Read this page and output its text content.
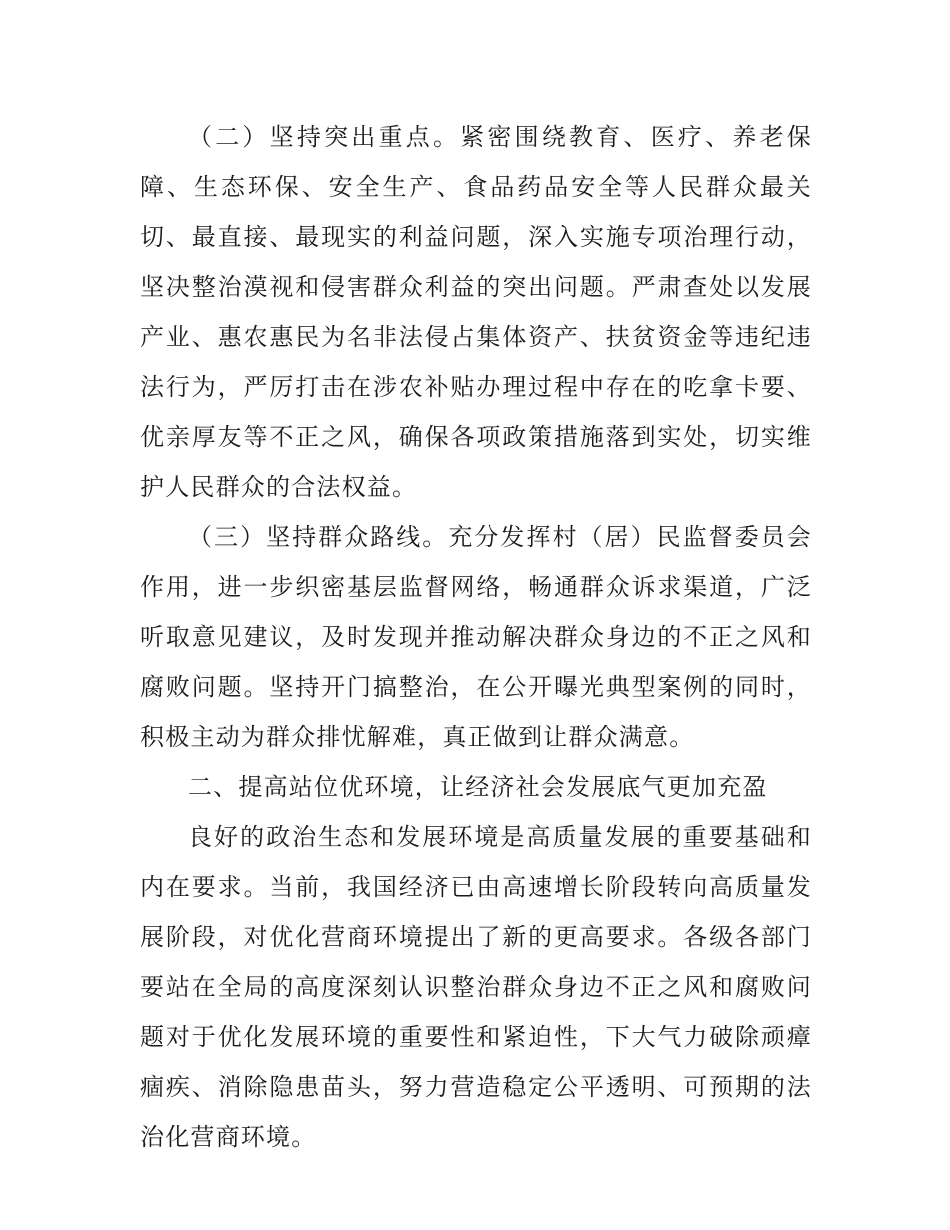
（二）坚持突出重点。紧密围绕教育、医疗、养老保障、生态环保、安全生产、食品药品安全等人民群众最关切、最直接、最现实的利益问题，深入实施专项治理行动，坚决整治漠视和侵害群众利益的突出问题。严肃查处以发展产业、惠农惠民为名非法侵占集体资产、扶贫资金等违纪违法行为，严厉打击在涉农补贴办理过程中存在的吃拿卡要、优亲厚友等不正之风，确保各项政策措施落到实处，切实维护人民群众的合法权益。

（三）坚持群众路线。充分发挥村（居）民监督委员会作用，进一步织密基层监督网络，畅通群众诉求渠道，广泛听取意见建议，及时发现并推动解决群众身边的不正之风和腐败问题。坚持开门搞整治，在公开曝光典型案例的同时，积极主动为群众排忧解难，真正做到让群众满意。

二、提高站位优环境，让经济社会发展底气更加充盈

良好的政治生态和发展环境是高质量发展的重要基础和内在要求。当前，我国经济已由高速增长阶段转向高质量发展阶段，对优化营商环境提出了新的更高要求。各级各部门要站在全局的高度深刻认识整治群众身边不正之风和腐败问题对于优化发展环境的重要性和紧迫性，下大气力破除顽瘴痼疾、消除隐患苗头，努力营造稳定公平透明、可预期的法治化营商环境。
